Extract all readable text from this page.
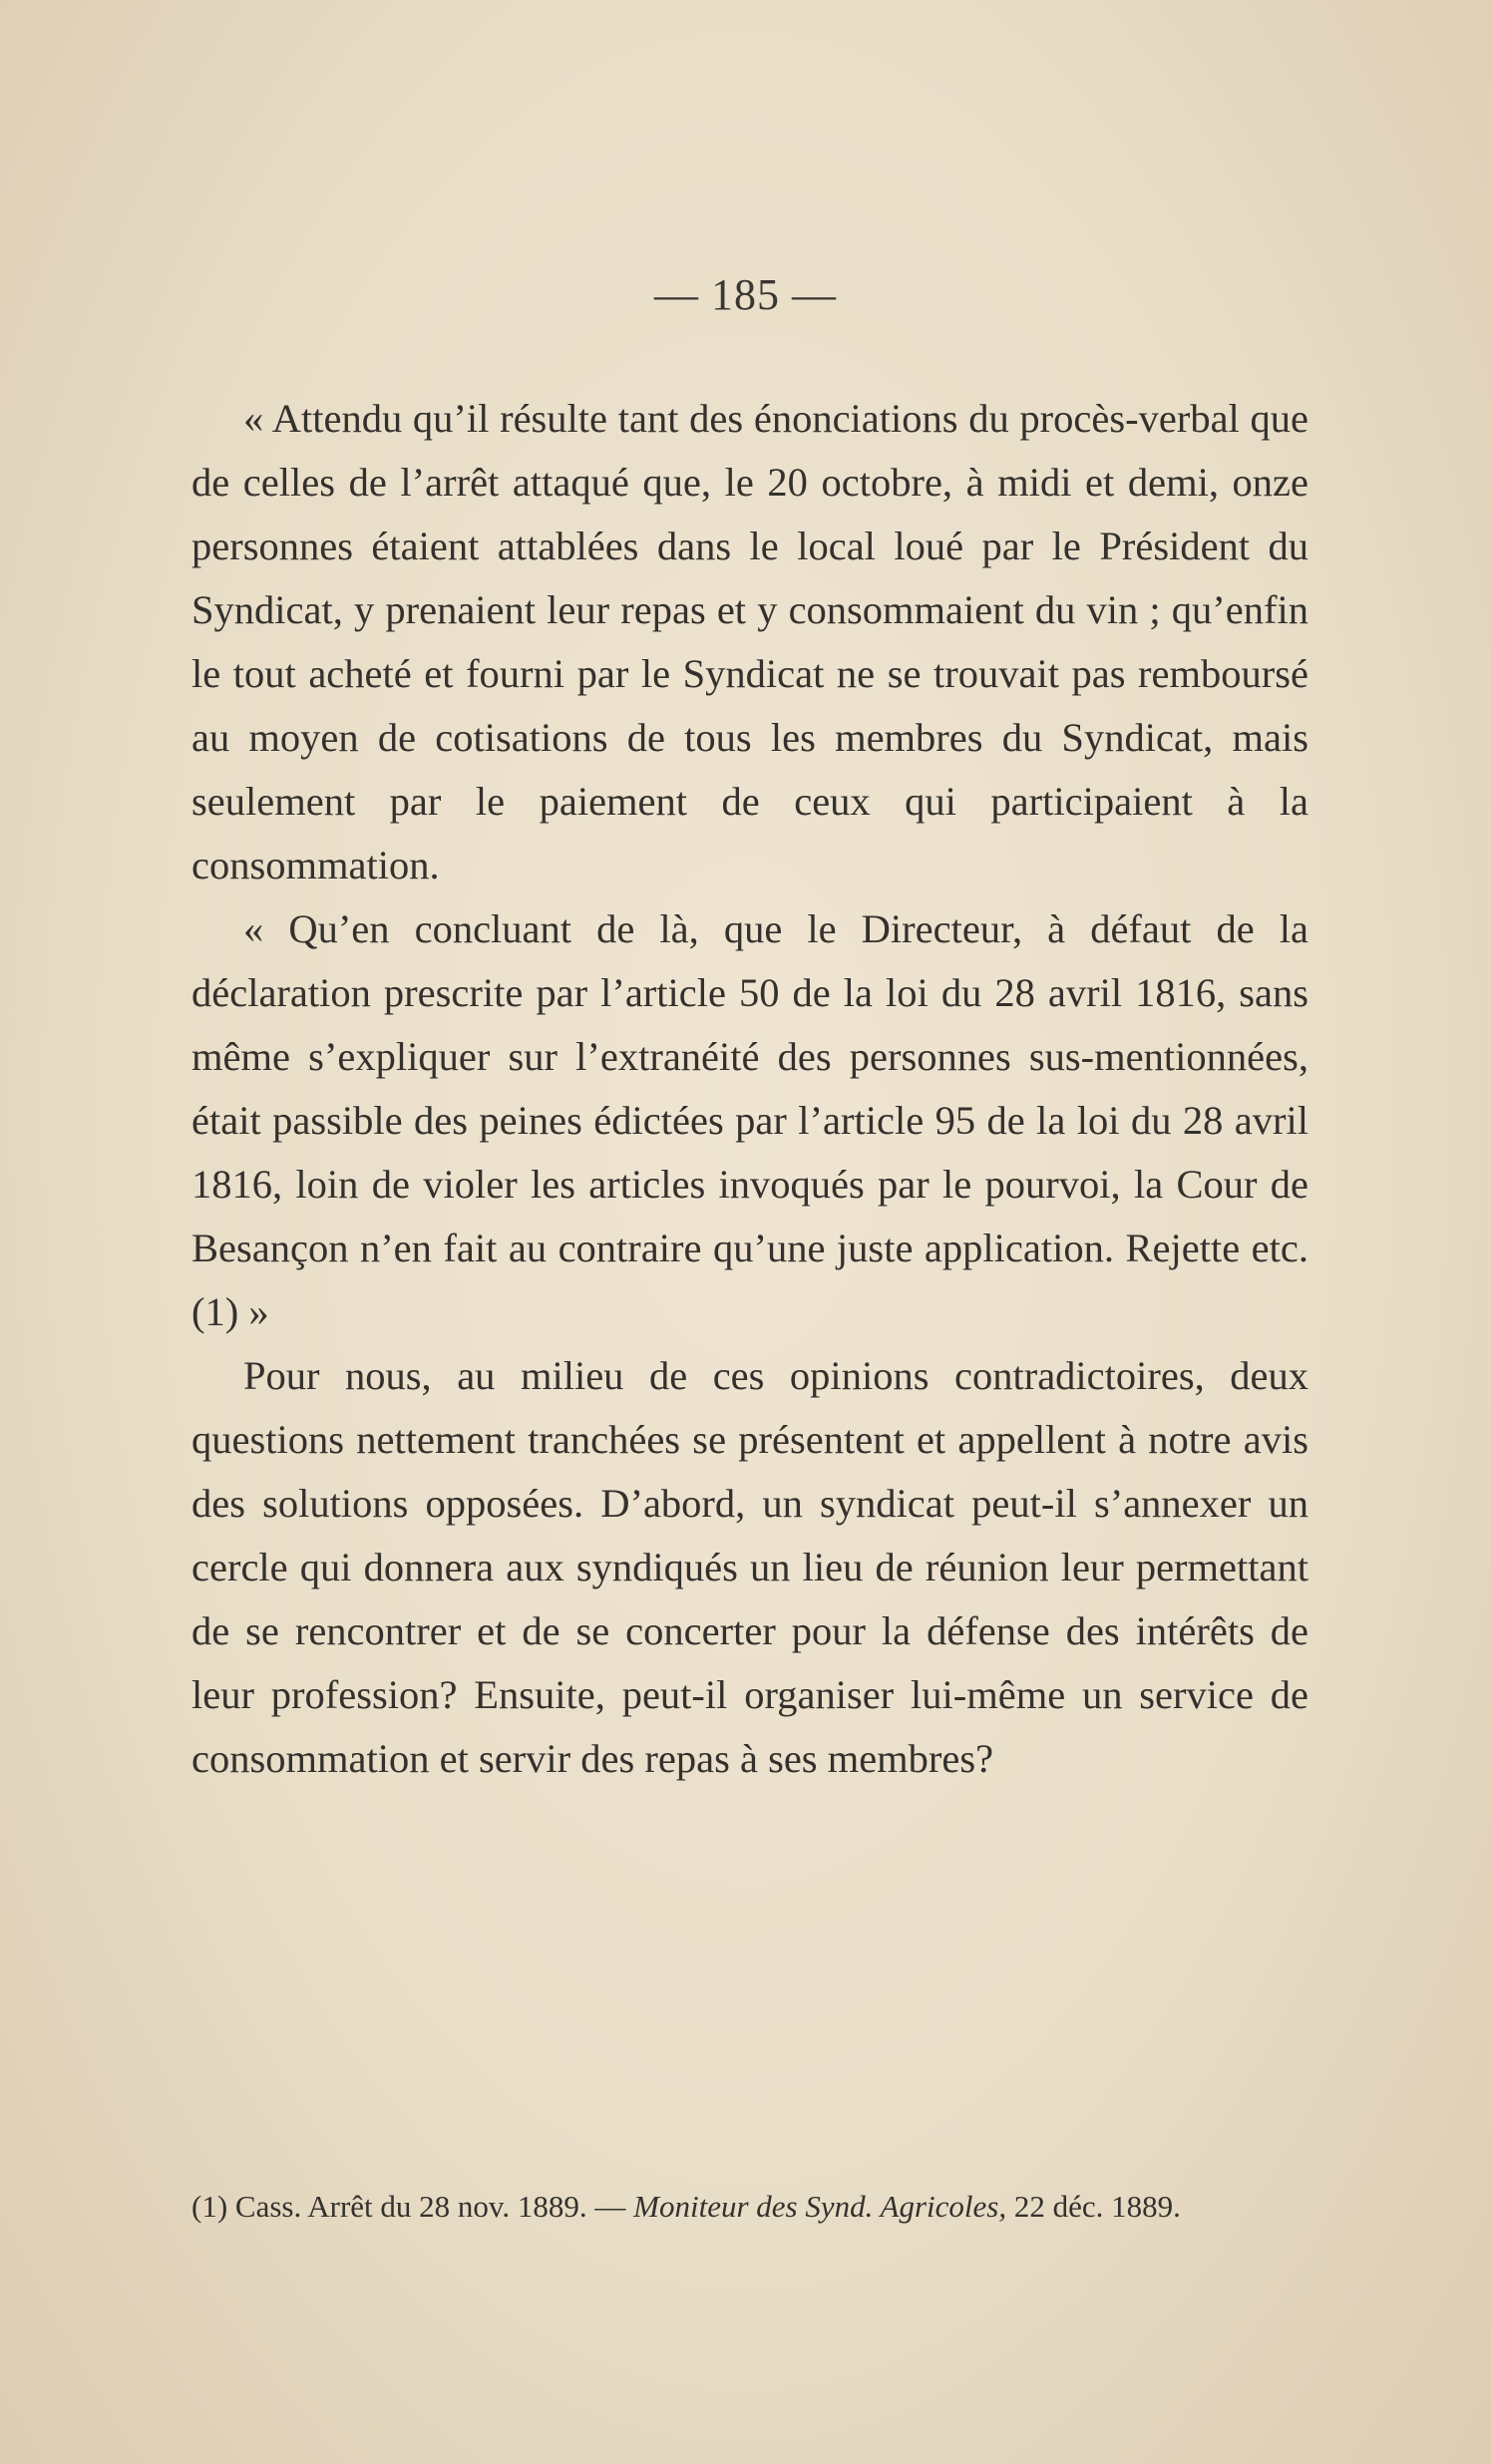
— 185 —

« Attendu qu’il résulte tant des énonciations du procès-verbal que de celles de l’arrêt attaqué que, le 20 octobre, à midi et demi, onze personnes étaient attablées dans le local loué par le Président du Syndicat, y prenaient leur repas et y consommaient du vin ; qu’enfin le tout acheté et fourni par le Syndicat ne se trouvait pas remboursé au moyen de cotisations de tous les membres du Syndicat, mais seulement par le paiement de ceux qui participaient à la consommation.

« Qu’en concluant de là, que le Directeur, à défaut de la déclaration prescrite par l’article 50 de la loi du 28 avril 1816, sans même s’expliquer sur l’extranéité des personnes sus-mentionnées, était passible des peines édictées par l’article 95 de la loi du 28 avril 1816, loin de violer les articles invoqués par le pourvoi, la Cour de Besançon n’en fait au contraire qu’une juste application. Rejette etc. (1) »

Pour nous, au milieu de ces opinions contradictoires, deux questions nettement tranchées se présentent et appellent à notre avis des solutions opposées. D’abord, un syndicat peut-il s’annexer un cercle qui donnera aux syndiqués un lieu de réunion leur permettant de se rencontrer et de se concerter pour la défense des intérêts de leur profession? Ensuite, peut-il organiser lui-même un service de consommation et servir des repas à ses membres?

(1) Cass. Arrêt du 28 nov. 1889. — Moniteur des Synd. Agricoles, 22 déc. 1889.
